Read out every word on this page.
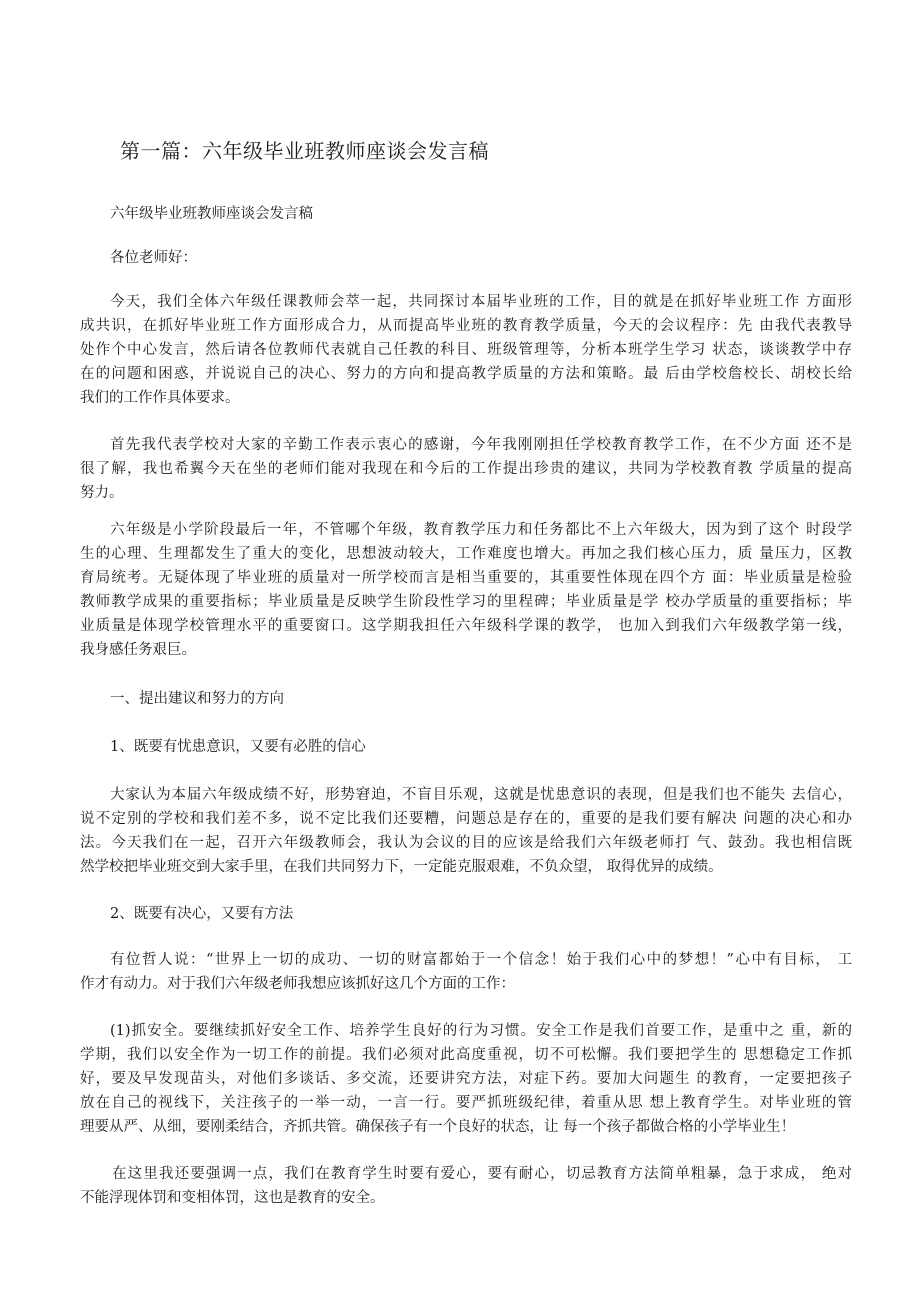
第一篇：六年级毕业班教师座谈会发言稿
六年级毕业班教师座谈会发言稿
各位老师好：
今天，我们全体六年级任课教师会萃一起，共同探讨本届毕业班的工作，目的就是在抓好毕业班工作 方面形
成共识，在抓好毕业班工作方面形成合力，从而提高毕业班的教育教学质量，今天的会议程序：先 由我代表教导
处作个中心发言，然后请各位教师代表就自己任教的科目、班级管理等，分析本班学生学习 状态，谈谈教学中存
在的问题和困惑，并说说自己的决心、努力的方向和提高教学质量的方法和策略。最 后由学校詹校长、胡校长给
我们的工作作具体要求。
首先我代表学校对大家的辛勤工作表示衷心的感谢，今年我刚刚担任学校教育教学工作，在不少方面 还不是
很了解，我也希翼今天在坐的老师们能对我现在和今后的工作提出珍贵的建议，共同为学校教育教 学质量的提高
努力。
六年级是小学阶段最后一年，不管哪个年级，教育教学压力和任务都比不上六年级大，因为到了这个 时段学
生的心理、生理都发生了重大的变化，思想波动较大，工作难度也增大。再加之我们核心压力，质 量压力，区教
育局统考。无疑体现了毕业班的质量对一所学校而言是相当重要的，其重要性体现在四个方 面：毕业质量是检验
教师教学成果的重要指标；毕业质量是反映学生阶段性学习的里程碑；毕业质量是学 校办学质量的重要指标；毕
业质量是体现学校管理水平的重要窗口。这学期我担任六年级科学课的教学， 也加入到我们六年级教学第一线，
我身感任务艰巨。
一、提出建议和努力的方向
1、既要有忧患意识，又要有必胜的信心
大家认为本届六年级成绩不好，形势窘迫，不盲目乐观，这就是忧患意识的表现，但是我们也不能失 去信心，
说不定别的学校和我们差不多，说不定比我们还要糟，问题总是存在的，重要的是我们要有解决 问题的决心和办
法。今天我们在一起，召开六年级教师会，我认为会议的目的应该是给我们六年级老师打 气、鼓劲。我也相信既
然学校把毕业班交到大家手里，在我们共同努力下，一定能克服艰难，不负众望， 取得优异的成绩。
2、既要有决心，又要有方法
有位哲人说：“世界上一切的成功、一切的财富都始于一个信念！始于我们心中的梦想！”心中有目标， 工
作才有动力。对于我们六年级老师我想应该抓好这几个方面的工作：
(1)抓安全。要继续抓好安全工作、培养学生良好的行为习惯。安全工作是我们首要工作，是重中之 重，新的
学期，我们以安全作为一切工作的前提。我们必须对此高度重视，切不可松懈。我们要把学生的 思想稳定工作抓
好，要及早发现苗头，对他们多谈话、多交流，还要讲究方法，对症下药。要加大问题生 的教育，一定要把孩子
放在自己的视线下，关注孩子的一举一动，一言一行。要严抓班级纪律，着重从思 想上教育学生。对毕业班的管
理要从严、从细，要刚柔结合，齐抓共管。确保孩子有一个良好的状态，让 每一个孩子都做合格的小学毕业生！
在这里我还要强调一点，我们在教育学生时要有爱心，要有耐心，切忌教育方法简单粗暴，急于求成， 绝对
不能浮现体罚和变相体罚，这也是教育的安全。
